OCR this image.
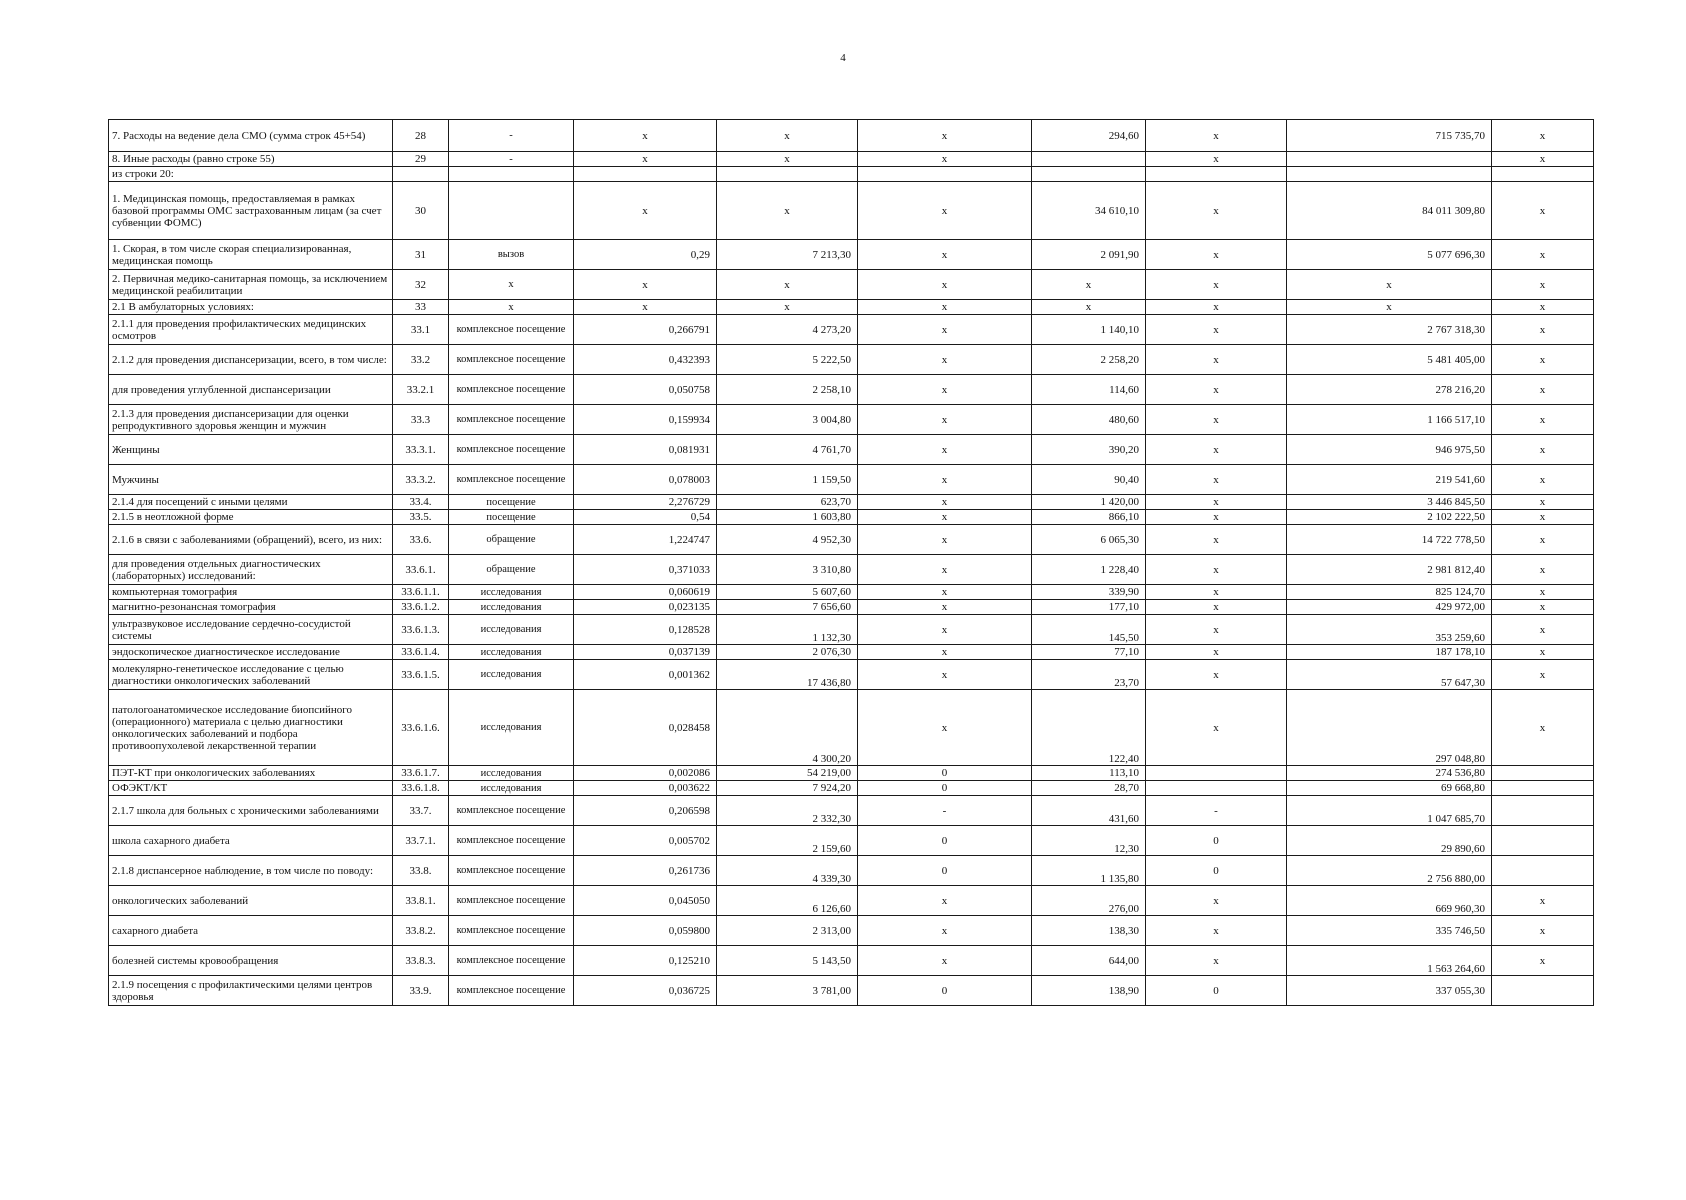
4
7. Расходы на ведение дела СМО (сумма строк 45+54)	28	-	x	x	x	294,60	x	715 735,70	x
8. Иные расходы (равно строке 55)	29	-	x	x	x		x		x
из строки 20:									
1. Медицинская помощь, предоставляемая в рамках базовой программы ОМС застрахованным лицам (за счет субвенции ФОМС)	30		x	x	x	34 610,10	x	84 011 309,80	x
1. Скорая, в том числе скорая специализированная, медицинская помощь	31	вызов	0,29	7 213,30	x	2 091,90	x	5 077 696,30	x
2. Первичная медико-санитарная помощь, за исключением медицинской реабилитации	32	x	x	x	x	x	x	x	x
2.1 В амбулаторных условиях:	33	x	x	x	x	x	x	x	x
2.1.1 для проведения профилактических медицинских осмотров	33.1	комплексное посещение	0,266791	4 273,20	x	1 140,10	x	2 767 318,30	x
2.1.2 для проведения диспансеризации, всего, в том числе:	33.2	комплексное посещение	0,432393	5 222,50	x	2 258,20	x	5 481 405,00	x
для проведения углубленной диспансеризации	33.2.1	комплексное посещение	0,050758	2 258,10	x	114,60	x	278 216,20	x
2.1.3 для проведения диспансеризации для оценки репродуктивного здоровья женщин и мужчин	33.3	комплексное посещение	0,159934	3 004,80	x	480,60	x	1 166 517,10	x
Женщины	33.3.1.	комплексное посещение	0,081931	4 761,70	x	390,20	x	946 975,50	x
Мужчины	33.3.2.	комплексное посещение	0,078003	1 159,50	x	90,40	x	219 541,60	x
2.1.4 для посещений с иными целями	33.4.	посещение	2,276729	623,70	x	1 420,00	x	3 446 845,50	x
2.1.5 в неотложной форме	33.5.	посещение	0,54	1 603,80	x	866,10	x	2 102 222,50	x
2.1.6 в связи с заболеваниями (обращений), всего, из них:	33.6.	обращение	1,224747	4 952,30	x	6 065,30	x	14 722 778,50	x
для проведения отдельных диагностических (лабораторных) исследований:	33.6.1.	обращение	0,371033	3 310,80	x	1 228,40	x	2 981 812,40	x
компьютерная томография	33.6.1.1.	исследования	0,060619	5 607,60	x	339,90	x	825 124,70	x
магнитно-резонансная томография	33.6.1.2.	исследования	0,023135	7 656,60	x	177,10	x	429 972,00	x
ультразвуковое исследование сердечно-сосудистой системы	33.6.1.3.	исследования	0,128528	1 132,30	x	145,50	x	353 259,60	x
эндоскопическое диагностическое исследование	33.6.1.4.	исследования	0,037139	2 076,30	x	77,10	x	187 178,10	x
молекулярно-генетическое исследование с целью диагностики онкологических заболеваний	33.6.1.5.	исследования	0,001362	17 436,80	x	23,70	x	57 647,30	x
патологоанатомическое исследование биопсийного (операционного) материала с целью диагностики онкологических заболеваний и подбора противоопухолевой лекарственной терапии	33.6.1.6.	исследования	0,028458	4 300,20	x	122,40	x	297 048,80	x
ПЭТ-КТ при онкологических заболеваниях	33.6.1.7.	исследования	0,002086	54 219,00	0	113,10		274 536,80	
ОФЭКТ/КТ	33.6.1.8.	исследования	0,003622	7 924,20	0	28,70		69 668,80	
2.1.7 школа для больных с хроническими заболеваниями	33.7.	комплексное посещение	0,206598	2 332,30	-	431,60	-	1 047 685,70	
школа сахарного диабета	33.7.1.	комплексное посещение	0,005702	2 159,60	0	12,30	0	29 890,60	
2.1.8 диспансерное наблюдение, в том числе по поводу:	33.8.	комплексное посещение	0,261736	4 339,30	0	1 135,80	0	2 756 880,00	
онкологических заболеваний	33.8.1.	комплексное посещение	0,045050	6 126,60	x	276,00	x	669 960,30	x
сахарного диабета	33.8.2.	комплексное посещение	0,059800	2 313,00	x	138,30	x	335 746,50	x
болезней системы кровообращения	33.8.3.	комплексное посещение	0,125210	5 143,50	x	644,00	x	1 563 264,60	x
2.1.9 посещения с профилактическими целями центров здоровья	33.9.	комплексное посещение	0,036725	3 781,00	0	138,90	0	337 055,30	
